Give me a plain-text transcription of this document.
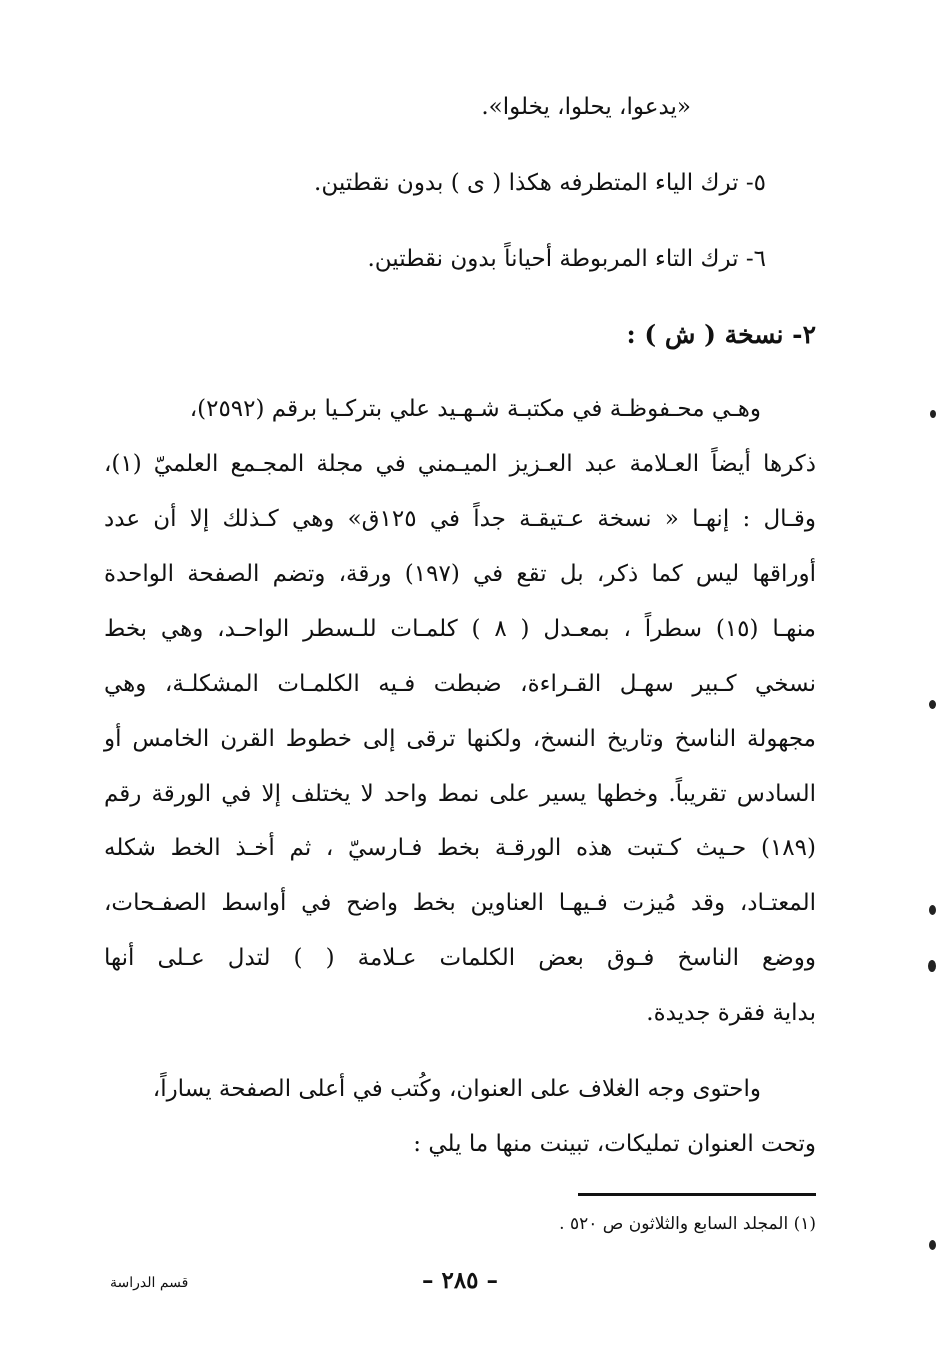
«يدعوا، يحلوا، يخلوا».

٥- ترك الياء المتطرفه هكذا ( ى ) بدون نقطتين.

٦- ترك التاء المربوطة أحياناً بدون نقطتين.

٢- نسخة ( ش ) :

وهـي محـفوظـة في مكتبـة شـهـيد علي بتركـيا برقم (٢٥٩٢)،

ذكرها أيضاً العـلامة عبد العـزيز الميـمني في مجلة المجـمع العلميّ (١)،

وقـال : إنهـا « نسخة عـتيقـة جداً في ١٢٥ق» وهي كـذلك إلا أن عدد

أوراقها ليس كما ذكر، بل تقع في (١٩٧) ورقة، وتضم الصفحة الواحدة

منهـا (١٥) سطراً ، بمعـدل ( ٨ ) كلمـات للـسطر الواحـد، وهي بخط

نسخي كـبير سهـل القـراءة، ضبطت فـيه الكلمـات المشكلـة، وهي

مجهولة الناسخ وتاريخ النسخ، ولكنها ترقى إلى خطوط القرن الخامس أو

السادس تقريباً. وخطها يسير على نمط واحد لا يختلف إلا في الورقة رقم

(١٨٩) حـيث كـتبت هذه الورقـة بخط فـارسيّ ، ثم أخـذ الخط شكله

المعتـاد، وقد مُيزت فـيهـا العناوين بخط واضح في أواسط الصفـحات،

ووضع الناسخ فـوق بعض الكلمات عـلامة ( ) لتدل عـلى أنها

بداية فقرة جديدة.

واحتوى وجه الغلاف على العنوان، وكُتب في أعلى الصفحة يساراً،

وتحت العنوان تمليكات، تبينت منها ما يلي :

(١) المجلد السابع والثلاثون ص ٥٢٠ .

– ٢٨٥ –
قسم الدراسة
